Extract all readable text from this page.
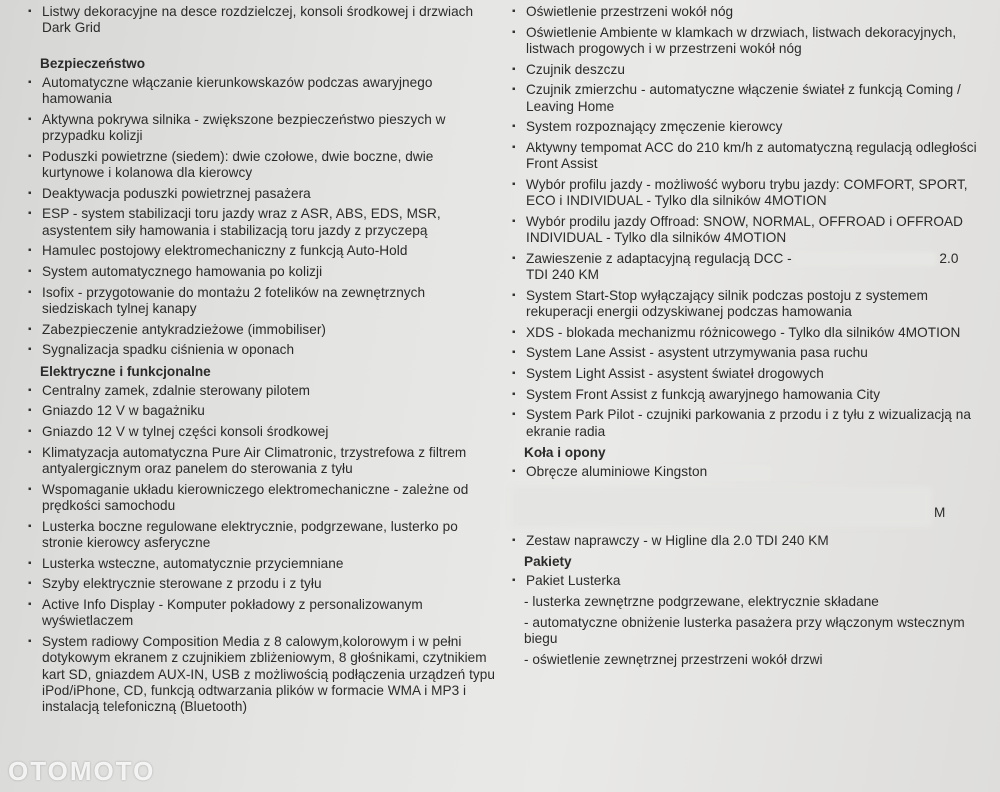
▪ Listwy dekoracyjne na desce rozdzielczej, konsoli środkowej i drzwiach Dark Grid
Bezpieczeństwo
▪ Automatyczne włączanie kierunkowskazów podczas awaryjnego hamowania
▪ Aktywna pokrywa silnika - zwiększone bezpieczeństwo pieszych w przypadku kolizji
▪ Poduszki powietrzne (siedem): dwie czołowe, dwie boczne, dwie kurtynowe i kolanowa dla kierowcy
▪ Deaktywacja poduszki powietrznej pasażera
▪ ESP - system stabilizacji toru jazdy wraz z ASR, ABS, EDS, MSR, asystentem siły hamowania i stabilizacją toru jazdy z przyczepą
▪ Hamulec postojowy elektromechaniczny z funkcją Auto-Hold
▪ System automatycznego hamowania po kolizji
▪ Isofix - przygotowanie do montażu 2 fotelików na zewnętrznych siedziskach tylnej kanapy
▪ Zabezpieczenie antykradzieżowe (immobiliser)
▪ Sygnalizacja spadku ciśnienia w oponach
Elektryczne i funkcjonalne
▪ Centralny zamek, zdalnie sterowany pilotem
▪ Gniazdo 12 V w bagażniku
▪ Gniazdo 12 V w tylnej części konsoli środkowej
▪ Klimatyzacja automatyczna Pure Air Climatronic, trzystrefowa z filtrem antyalergicznym oraz panelem do sterowania z tyłu
▪ Wspomaganie układu kierowniczego elektromechaniczne - zależne od prędkości samochodu
▪ Lusterka boczne regulowane elektrycznie, podgrzewane, lusterko po stronie kierowcy asferyczne
▪ Lusterka wsteczne, automatycznie przyciemniane
▪ Szyby elektrycznie sterowane z przodu i z tyłu
▪ Active Info Display - Komputer pokładowy z personalizowanym wyświetlaczem
▪ System radiowy Composition Media z 8 calowym,kolorowym i w pełni dotykowym ekranem z czujnikiem zbliżeniowym, 8 głośnikami, czytnikiem kart SD, gniazdem AUX-IN, USB z możliwością podłączenia urządzeń typu iPod/iPhone, CD, funkcją odtwarzania plików w formacie WMA i MP3 i instalacją telefoniczną (Bluetooth)
▪ Oświetlenie przestrzeni wokół nóg
▪ Oświetlenie Ambiente w klamkach w drzwiach, listwach dekoracyjnych, listwach progowych i w przestrzeni wokół nóg
▪ Czujnik deszczu
▪ Czujnik zmierzchu - automatyczne włączenie świateł z funkcją Coming / Leaving Home
▪ System rozpoznający zmęczenie kierowcy
▪ Aktywny tempomat ACC do 210 km/h z automatyczną regulacją odległości Front Assist
▪ Wybór profilu jazdy - możliwość wyboru trybu jazdy: COMFORT, SPORT, ECO i INDIVIDUAL - Tylko dla silników 4MOTION
▪ Wybór prodilu jazdy Offroad: SNOW, NORMAL, OFFROAD i OFFROAD INDIVIDUAL - Tylko dla silników 4MOTION
▪ Zawieszenie z adaptacyjną regulacją DCC -	2.0
TDI 240 KM
▪ System Start-Stop wyłączający silnik podczas postoju z systemem rekuperacji energii odzyskiwanej podczas hamowania
▪ XDS - blokada mechanizmu różnicowego - Tylko dla silników 4MOTION
▪ System Lane Assist - asystent utrzymywania pasa ruchu
▪ System Light Assist - asystent świateł drogowych
▪ System Front Assist z funkcją awaryjnego hamowania City
▪ System Park Pilot - czujniki parkowania z przodu i z tyłu z wizualizacją na ekranie radia
Koła i opony
▪ Obręcze aluminiowe Kingston
M
▪ Zestaw naprawczy - w Higline dla 2.0 TDI 240 KM
Pakiety
▪ Pakiet Lusterka
- lusterka zewnętrzne podgrzewane, elektrycznie składane
- automatyczne obniżenie lusterka pasażera przy włączonym wstecznym biegu
- oświetlenie zewnętrznej przestrzeni wokół drzwi
OTOMOTO
